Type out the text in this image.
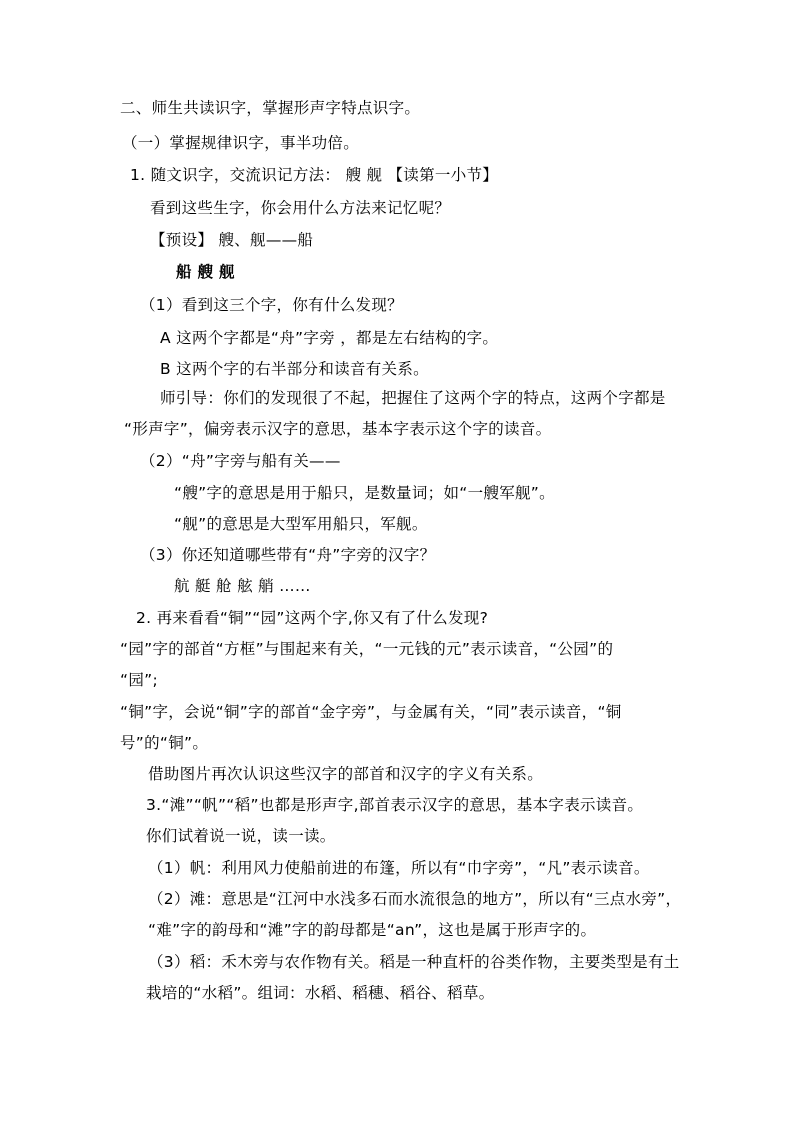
二、师生共读识字，掌握形声字特点识字。
（一）掌握规律识字，事半功倍。
1. 随文识字，交流识记方法： 艘 舰 【读第一小节】
看到这些生字，你会用什么方法来记忆呢？
【预设】 艘、舰——船
船 艘 舰
（1）看到这三个字，你有什么发现？
A 这两个字都是“舟”字旁 ，都是左右结构的字。
B 这两个字的右半部分和读音有关系。
师引导：你们的发现很了不起，把握住了这两个字的特点，这两个字都是
“形声字”，偏旁表示汉字的意思，基本字表示这个字的读音。
（2）“舟”字旁与船有关——
“艘”字的意思是用于船只，是数量词；如“一艘军舰”。
“舰”的意思是大型军用船只，军舰。
（3）你还知道哪些带有“舟”字旁的汉字？
航 艇 舱 舷 艄 ……
2. 再来看看“铜”“园”这两个字,你又有了什么发现?
“园”字的部首“方框”与围起来有关，“一元钱的元”表示读音，“公园”的
“园”;
“铜”字，会说“铜”字的部首“金字旁”，与金属有关，“同”表示读音，“铜
号”的“铜”。
借助图片再次认识这些汉字的部首和汉字的字义有关系。
3.“滩”“帆”“稻”也都是形声字,部首表示汉字的意思，基本字表示读音。
你们试着说一说，读一读。
（1）帆：利用风力使船前进的布篷，所以有“巾字旁”，“凡”表示读音。
（2）滩：意思是“江河中水浅多石而水流很急的地方”，所以有“三点水旁”，
“难”字的韵母和“滩”字的韵母都是“an”，这也是属于形声字的。
（3）稻：禾木旁与农作物有关。稻是一种直杆的谷类作物，主要类型是有土
栽培的“水稻”。组词：水稻、稻穗、稻谷、稻草。
